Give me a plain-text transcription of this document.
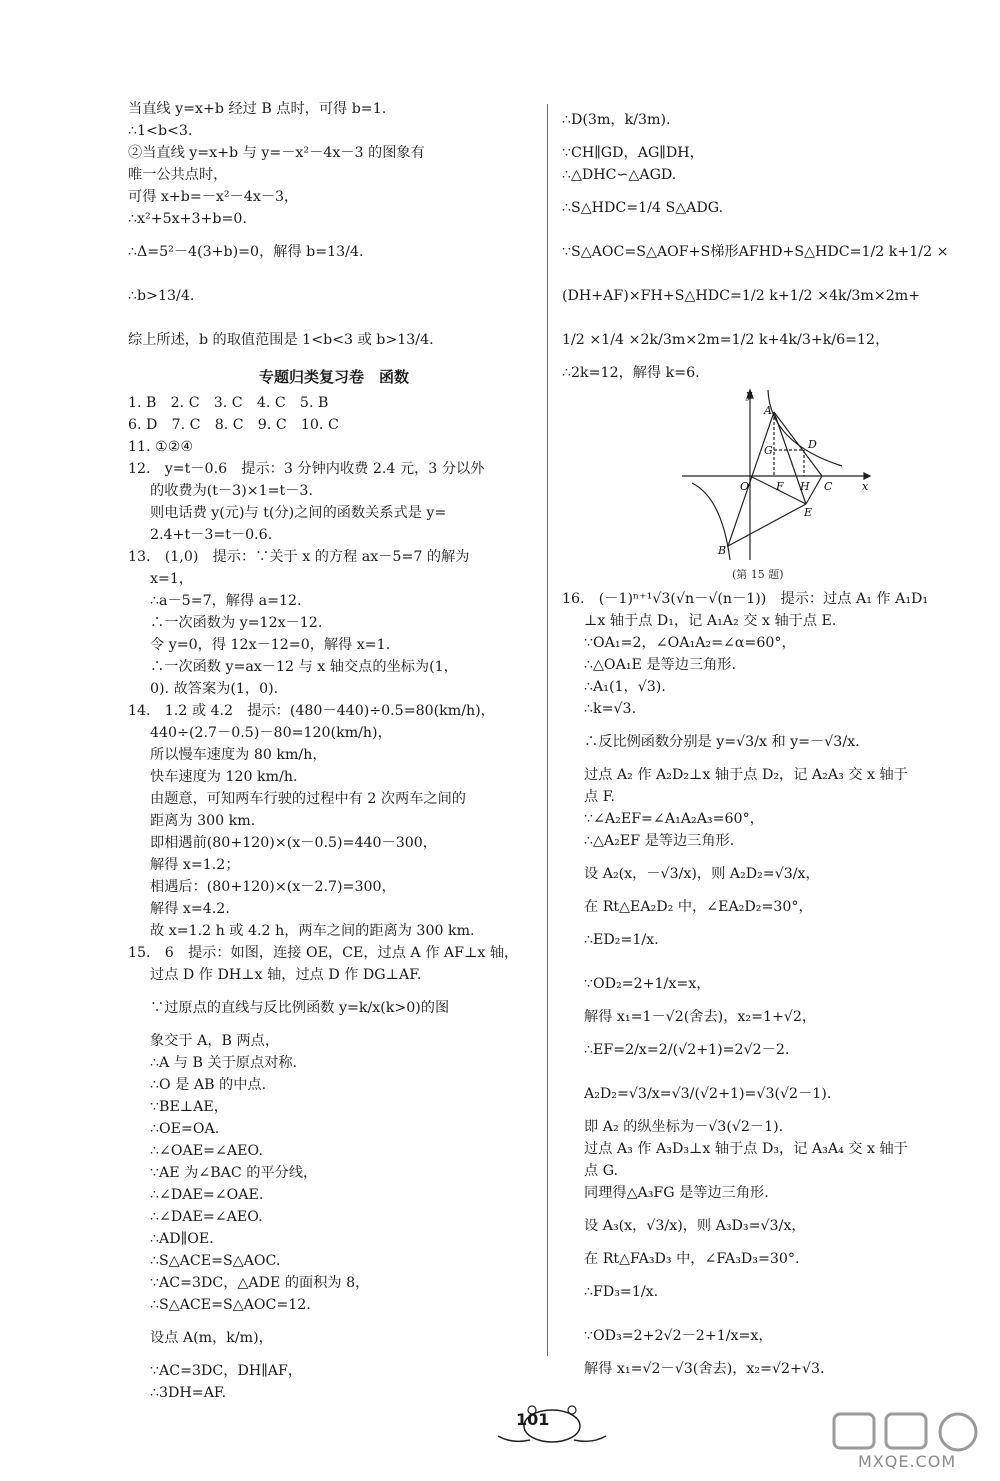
当直线 y=x+b 经过 B 点时，可得 b=1.
∴1<b<3.
②当直线 y=x+b 与 y=－x²－4x－3 的图象有
唯一公共点时，
可得 x+b=－x²－4x－3，
∴x²+5x+3+b=0.
∴Δ=5²－4(3+b)=0，解得 b=13/4.
∴b>13/4.
综上所述，b 的取值范围是 1<b<3 或 b>13/4.
专题归类复习卷　函数
1. B　2. C　3. C　4. C　5. B
6. D　7. C　8. C　9. C　10. C
11. ①②④
12.　y=t－0.6　提示：3 分钟内收费 2.4 元，3 分以外
的收费为(t－3)×1=t－3.
则电话费 y(元)与 t(分)之间的函数关系式是 y=
2.4+t－3=t－0.6.
13.　(1,0)　提示：∵关于 x 的方程 ax－5=7 的解为
x=1，
∴a－5=7，解得 a=12.
∴一次函数为 y=12x－12.
令 y=0，得 12x－12=0，解得 x=1.
∴一次函数 y=ax－12 与 x 轴交点的坐标为(1，
0). 故答案为(1，0).
14.　1.2 或 4.2　提示：(480－440)÷0.5=80(km/h)，
440÷(2.7－0.5)－80=120(km/h)，
所以慢车速度为 80 km/h，
快车速度为 120 km/h.
由题意，可知两车行驶的过程中有 2 次两车之间的
距离为 300 km.
即相遇前(80+120)×(x－0.5)=440－300，
解得 x=1.2；
相遇后：(80+120)×(x－2.7)=300，
解得 x=4.2.
故 x=1.2 h 或 4.2 h，两车之间的距离为 300 km.
15.　6　提示：如图，连接 OE，CE，过点 A 作 AF⊥x 轴，
过点 D 作 DH⊥x 轴，过点 D 作 DG⊥AF.
∵过原点的直线与反比例函数 y=k/x(k>0)的图
象交于 A，B 两点，
∴A 与 B 关于原点对称.
∴O 是 AB 的中点.
∵BE⊥AE，
∴OE=OA.
∴∠OAE=∠AEO.
∵AE 为∠BAC 的平分线，
∴∠DAE=∠OAE.
∴∠DAE=∠AEO.
∴AD∥OE.
∴S△ACE=S△AOC.
∵AC=3DC，△ADE 的面积为 8，
∴S△ACE=S△AOC=12.
设点 A(m，k/m)，
∵AC=3DC，DH∥AF，
∴3DH=AF.
∴D(3m，k/3m).
∵CH∥GD，AG∥DH，
∴△DHC∽△AGD.
∴S△HDC=1/4 S△ADG.
∵S△AOC=S△AOF+S梯形AFHD+S△HDC=1/2 k+1/2 ×
(DH+AF)×FH+S△HDC=1/2 k+1/2 ×4k/3m×2m+
1/2 ×1/4 ×2k/3m×2m=1/2 k+4k/3+k/6=12，
∴2k=12，解得 k=6.
y
x
O
A
B
C
D
E
F
G
H
(第 15 题)
16.　(－1)ⁿ⁺¹√3(√n－√(n－1))　提示：过点 A₁ 作 A₁D₁
⊥x 轴于点 D₁，记 A₁A₂ 交 x 轴于点 E.
∵OA₁=2，∠OA₁A₂=∠α=60°，
∴△OA₁E 是等边三角形.
∴A₁(1，√3).
∴k=√3.
∴反比例函数分别是 y=√3/x 和 y=－√3/x.
过点 A₂ 作 A₂D₂⊥x 轴于点 D₂，记 A₂A₃ 交 x 轴于
点 F.
∵∠A₂EF=∠A₁A₂A₃=60°，
∴△A₂EF 是等边三角形.
设 A₂(x，－√3/x)，则 A₂D₂=√3/x，
在 Rt△EA₂D₂ 中，∠EA₂D₂=30°，
∴ED₂=1/x.
∵OD₂=2+1/x=x，
解得 x₁=1－√2(舍去)，x₂=1+√2，
∴EF=2/x=2/(√2+1)=2√2－2.
A₂D₂=√3/x=√3/(√2+1)=√3(√2－1).
即 A₂ 的纵坐标为－√3(√2－1).
过点 A₃ 作 A₃D₃⊥x 轴于点 D₃，记 A₃A₄ 交 x 轴于
点 G.
同理得△A₃FG 是等边三角形.
设 A₃(x，√3/x)，则 A₃D₃=√3/x，
在 Rt△FA₃D₃ 中，∠FA₃D₃=30°.
∴FD₃=1/x.
∵OD₃=2+2√2－2+1/x=x，
解得 x₁=√2－√3(舍去)，x₂=√2+√3.
101
MXQE.COM
